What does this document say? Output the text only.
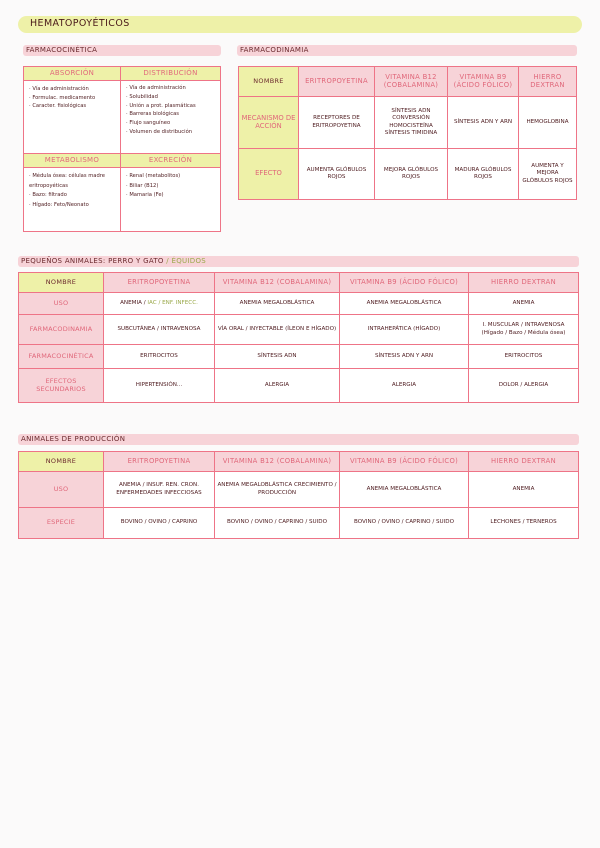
HEMATOPOYÉTICOS
FARMACOCINÉTICA
ABSORCIÓN
· Vía de administración
· Formulac. medicamento
· Caracter. fisiológicas
DISTRIBUCIÓN
· Vía de administración
· Solubilidad
· Unión a prot. plasmáticas
· Barreras biológicas
· Flujo sanguíneo
· Volumen de distribución
METABOLISMO
· Médula ósea: células madre eritropoyéticas
· Bazo: filtrado
· Hígado: Feto/Neonato
EXCRECIÓN
· Renal (metabolitos)
· Biliar (B12)
· Mamaria (Fe)
FARMACODINAMIA
NOMBRE	ERITROPOYETINA	VITAMINA B12 (COBALAMINA)	VITAMINA B9 (ÁCIDO FÓLICO)	HIERRO DEXTRAN
MECANISMO DE ACCIÓN	RECEPTORES DE ERITROPOYETINA	SÍNTESIS ADN CONVERSIÓN HOMOCISTEÍNA SÍNTESIS TIMIDINA	SÍNTESIS ADN Y ARN	HEMOGLOBINA
EFECTO	AUMENTA GLÓBULOS ROJOS	MEJORA GLÓBULOS ROJOS	MADURA GLÓBULOS ROJOS	AUMENTA Y MEJORA GLÓBULOS ROJOS
PEQUEÑOS ANIMALES: PERRO Y GATO / ÉQUIDOS
NOMBRE	ERITROPOYETINA	VITAMINA B12 (COBALAMINA)	VITAMINA B9 (ÁCIDO FÓLICO)	HIERRO DEXTRAN
USO	ANEMIA / IAC / ENF. INFECC.	ANEMIA MEGALOBLÁSTICA	ANEMIA MEGALOBLÁSTICA	ANEMIA
FARMACODINAMIA	SUBCUTÁNEA / INTRAVENOSA	VÍA ORAL / INYECTABLE (ÍLEON E HÍGADO)	INTRAHEPÁTICA (HÍGADO)	I. MUSCULAR / INTRAVENOSA (Hígado / Bazo / Médula ósea)
FARMACOCINÉTICA	ERITROCITOS	SÍNTESIS ADN	SÍNTESIS ADN Y ARN	ERITROCITOS
EFECTOS SECUNDARIOS	HIPERTENSIÓN...	ALERGIA	ALERGIA	DOLOR / ALERGIA
ANIMALES DE PRODUCCIÓN
NOMBRE	ERITROPOYETINA	VITAMINA B12 (COBALAMINA)	VITAMINA B9 (ÁCIDO FÓLICO)	HIERRO DEXTRAN
USO	ANEMIA / INSUF. REN. CRON. ENFERMEDADES INFECCIOSAS	ANEMIA MEGALOBLÁSTICA CRECIMIENTO / PRODUCCIÓN	ANEMIA MEGALOBLÁSTICA	ANEMIA
ESPECIE	BOVINO / OVINO / CAPRINO	BOVINO / OVINO / CAPRINO / SUIDO	BOVINO / OVINO / CAPRINO / SUIDO	LECHONES / TERNEROS
